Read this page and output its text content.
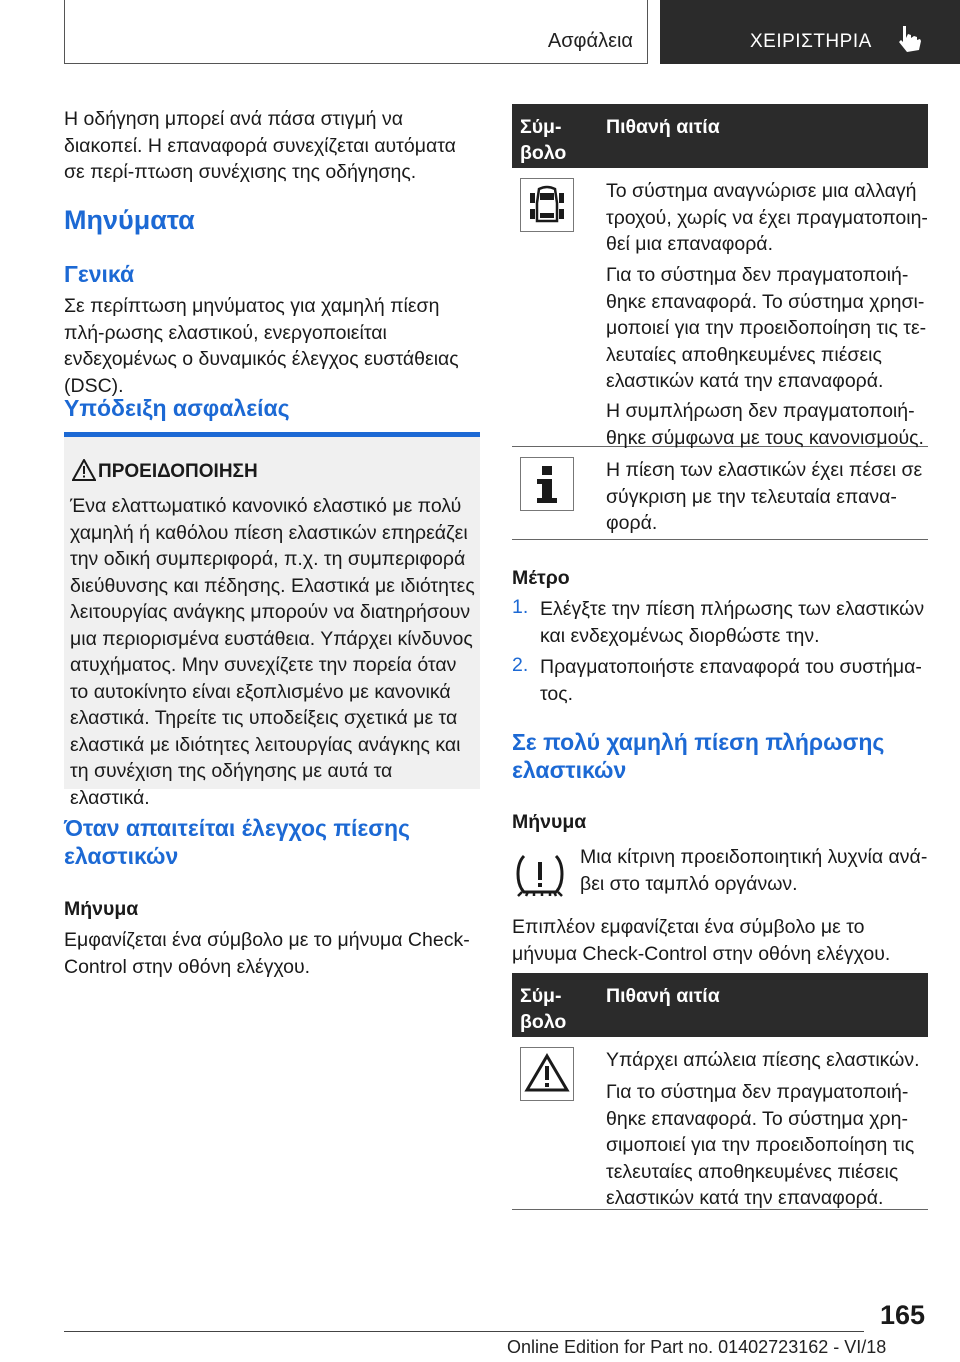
Ασφάλεια	ΧΕΙΡΙΣΤΗΡΙΑ

Η οδήγηση μπορεί ανά πάσα στιγμή να διακοπεί. Η επαναφορά συνεχίζεται αυτόματα σε περί-πτωση συνέχισης της οδήγησης.

Μηνύματα
Γενικά

Σε περίπτωση μηνύματος για χαμηλή πίεση πλή-ρωσης ελαστικού, ενεργοποιείται ενδεχομένως ο δυναμικός έλεγχος ευστάθειας (DSC).

Υπόδειξη ασφαλείας
ΠΡΟΕΙΔΟΠΟΙΗΣΗ
Ένα ελαττωματικό κανονικό ελαστικό με πολύ χαμηλή ή καθόλου πίεση ελαστικών επηρεάζει την οδική συμπεριφορά, π.χ. τη συμπεριφορά διεύθυνσης και πέδησης. Ελαστικά με ιδιότητες λειτουργίας ανάγκης μπορούν να διατηρήσουν μια περιορισμένα ευστάθεια. Υπάρχει κίνδυνος ατυχήματος. Μην συνεχίζετε την πορεία όταν το αυτοκίνητο είναι εξοπλισμένο με κανονικά ελαστικά. Τηρείτε τις υποδείξεις σχετικά με τα ελαστικά με ιδιότητες λειτουργίας ανάγκης και τη συνέχιση της οδήγησης με αυτά τα ελαστικά.
Όταν απαιτείται έλεγχος πίεσης
ελαστικών
Μήνυμα

Εμφανίζεται ένα σύμβολο με το μήνυμα Check-Control στην οθόνη ελέγχου.

Σύμ-
βολο
Πιθανή αιτία
Το σύστημα αναγνώρισε μια αλλαγή τροχού, χωρίς να έχει πραγματοποιη-θεί μια επαναφορά.
Για το σύστημα δεν πραγματοποιή-θηκε επαναφορά. Το σύστημα χρησι-μοποιεί για την προειδοποίηση τις τε-λευταίες αποθηκευμένες πιέσεις ελαστικών κατά την επαναφορά.
Η συμπλήρωση δεν πραγματοποιή-θηκε σύμφωνα με τους κανονισμούς.
Η πίεση των ελαστικών έχει πέσει σε σύγκριση με την τελευταία επανα-φορά.
Μέτρο
1. Ελέγξτε την πίεση πλήρωσης των ελαστικών και ενδεχομένως διορθώστε την.
2. Πραγματοποιήστε επαναφορά του συστήμα-τος.
Σε πολύ χαμηλή πίεση πλήρωσης
ελαστικών
Μήνυμα

Μια κίτρινη προειδοποιητική λυχνία ανά-βει στο ταμπλό οργάνων.

Επιπλέον εμφανίζεται ένα σύμβολο με το μήνυμα Check-Control στην οθόνη ελέγχου.

Σύμ-
βολο
Πιθανή αιτία
Υπάρχει απώλεια πίεσης ελαστικών.
Για το σύστημα δεν πραγματοποιή-θηκε επαναφορά. Το σύστημα χρη-σιμοποιεί για την προειδοποίηση τις τελευταίες αποθηκευμένες πιέσεις ελαστικών κατά την επαναφορά.
165
Online Edition for Part no. 01402723162 - VI/18
